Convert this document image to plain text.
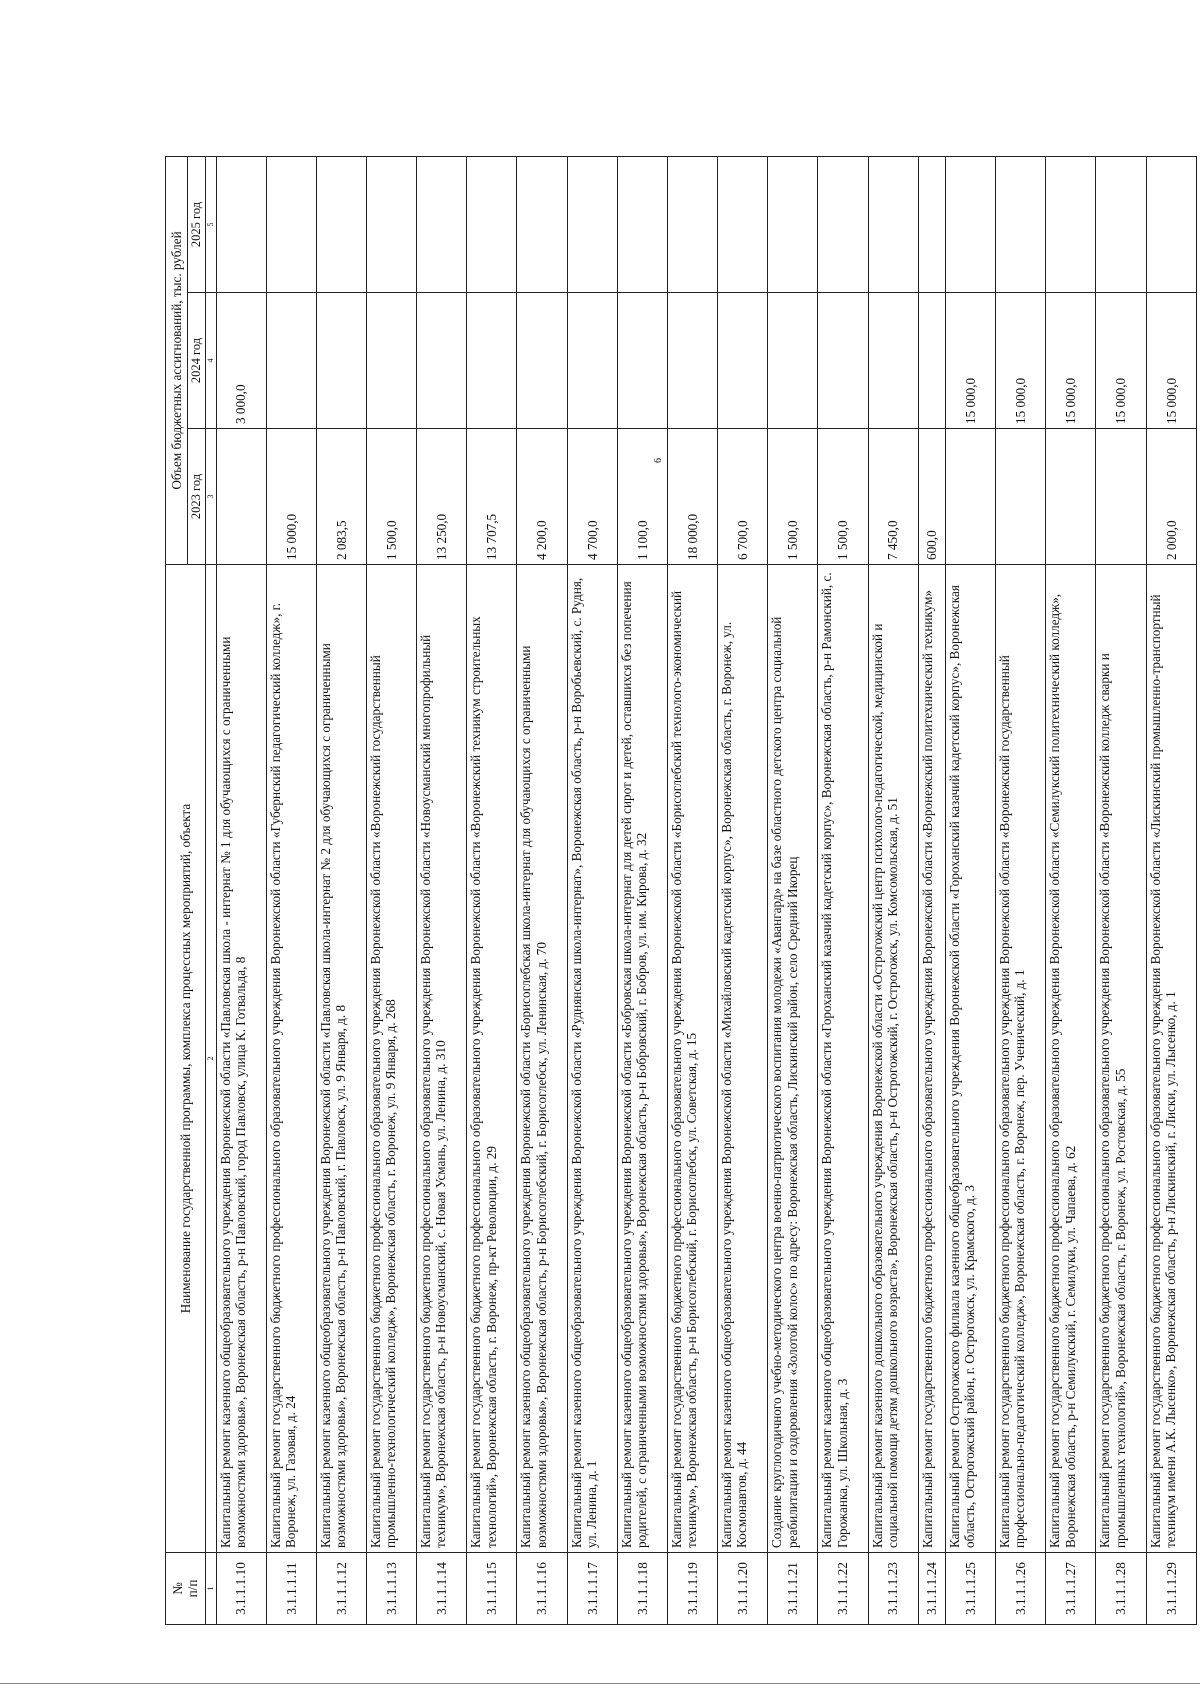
6
№
п/п	Наименование государственной программы, комплекса процессных мероприятий, объекта	Объем бюджетных ассигнований, тыс. рублей		
		2023 год	2024 год	2025 год
1	2	3	4	5
3.1.1.1.10	Капитальный ремонт казенного общеобразовательного учреждения Воронежской области «Павловская школа - интернат № 1 для обучающихся с ограниченными возможностями здоровья», Воронежская область, р-н Павловский, город Павловск, улица К. Готвальда, 8		3 000,0	
3.1.1.1.11	Капитальный ремонт государственного бюджетного профессионального образовательного учреждения Воронежской области «Губернский педагогический колледж», г. Воронеж, ул. Газовая, д. 24	15 000,0		
3.1.1.1.12	Капитальный ремонт казенного общеобразовательного учреждения Воронежской области «Павловская школа-интернат № 2 для обучающихся с ограниченными возможностями здоровья», Воронежская область, р-н Павловский, г. Павловск, ул. 9 Января, д. 8	2 083,5		
3.1.1.1.13	Капитальный ремонт государственного бюджетного профессионального образовательного учреждения Воронежской области «Воронежский государственный промышленно-технологический колледж», Воронежская область, г. Воронеж, ул. 9 Января, д. 268	1 500,0		
3.1.1.1.14	Капитальный ремонт государственного бюджетного профессионального образовательного учреждения Воронежской области «Новоусманский многопрофильный техникум», Воронежская область, р-н Новоусманский, с. Новая Усмань, ул. Ленина, д. 310	13 250,0		
3.1.1.1.15	Капитальный ремонт государственного бюджетного профессионального образовательного учреждения Воронежской области «Воронежский техникум строительных технологий», Воронежская область, г. Воронеж, пр-кт Революции, д. 29	13 707,5		
3.1.1.1.16	Капитальный ремонт казенного общеобразовательного учреждения Воронежской области «Борисоглебская школа-интернат для обучающихся с ограниченными возможностями здоровья», Воронежская область, р-н Борисоглебский, г. Борисоглебск, ул. Ленинская, д. 70	4 200,0		
3.1.1.1.17	Капитальный ремонт казенного общеобразовательного учреждения Воронежской области «Руднянская школа-интернат», Воронежская область, р-н Воробьевский, с. Рудня, ул. Ленина, д. 1	4 700,0		
3.1.1.1.18	Капитальный ремонт казенного общеобразовательного учреждения Воронежской области «Бобровская школа-интернат для детей сирот и детей, оставшихся без попечения родителей, с ограниченными возможностями здоровья», Воронежская область, р-н Бобровский, г. Бобров, ул. им. Кирова, д. 32	1 100,0		
3.1.1.1.19	Капитальный ремонт государственного бюджетного профессионального образовательного учреждения Воронежской области «Борисоглебский технолого-экономический техникум», Воронежская область, р-н Борисоглебский, г. Борисоглебск, ул. Советская, д. 15	18 000,0		
3.1.1.1.20	Капитальный ремонт казенного общеобразовательного учреждения Воронежской области «Михайловский кадетский корпус», Воронежская область, г. Воронеж, ул. Космонавтов, д. 44	6 700,0		
3.1.1.1.21	Создание круглогодичного учебно-методического центра военно-патриотического воспитания молодежи «Авангард» на базе областного детского центра социальной реабилитации и оздоровления «Золотой колос» по адресу: Воронежская область, Лискинский район, село Средний Икорец	1 500,0		
3.1.1.1.22	Капитальный ремонт казенного общеобразовательного учреждения Воронежской области «Гороханский казачий кадетский корпус», Воронежская область, р-н Рамонский, с. Горожанка, ул. Школьная, д. 3	1 500,0		
3.1.1.1.23	Капитальный ремонт казенного дошкольного образовательного учреждения Воронежской области «Острогожский центр психолого-педагогической, медицинской и социальной помощи детям дошкольного возраста», Воронежская область, р-н Острогожский, г. Острогожск, ул. Комсомольская, д. 51	7 450,0		
3.1.1.1.24	Капитальный ремонт государственного бюджетного профессионального образовательного учреждения Воронежской области «Воронежский политехнический техникум»	600,0		
3.1.1.1.25	Капитальный ремонт Острогожского филиала казенного общеобразовательного учреждения Воронежской области «Гороханский казачий кадетский корпус», Воронежская область, Острогожский район, г. Острогожск, ул. Крамского, д. 3		15 000,0	
3.1.1.1.26	Капитальный ремонт государственного бюджетного профессионального образовательного учреждения Воронежской области «Воронежский государственный профессионально-педагогический колледж», Воронежская область, г. Воронеж, пер. Ученический, д. 1		15 000,0	
3.1.1.1.27	Капитальный ремонт государственного бюджетного профессионального образовательного учреждения Воронежской области «Семилукский политехнический колледж», Воронежская область, р-н Семилукский, г. Семилуки, ул. Чапаева, д. 62		15 000,0	
3.1.1.1.28	Капитальный ремонт государственного бюджетного профессионального образовательного учреждения Воронежской области «Воронежский колледж сварки и промышленных технологий», Воронежская область, г. Воронеж, ул. Ростовская, д. 55		15 000,0	
3.1.1.1.29	Капитальный ремонт государственного бюджетного профессионального образовательного учреждения Воронежской области «Лискинский промышленно-транспортный техникум имени А.К. Лысенко», Воронежская область, р-н Лискинский, г. Лиски, ул. Лысенко, д. 1	2 000,0	15 000,0	
